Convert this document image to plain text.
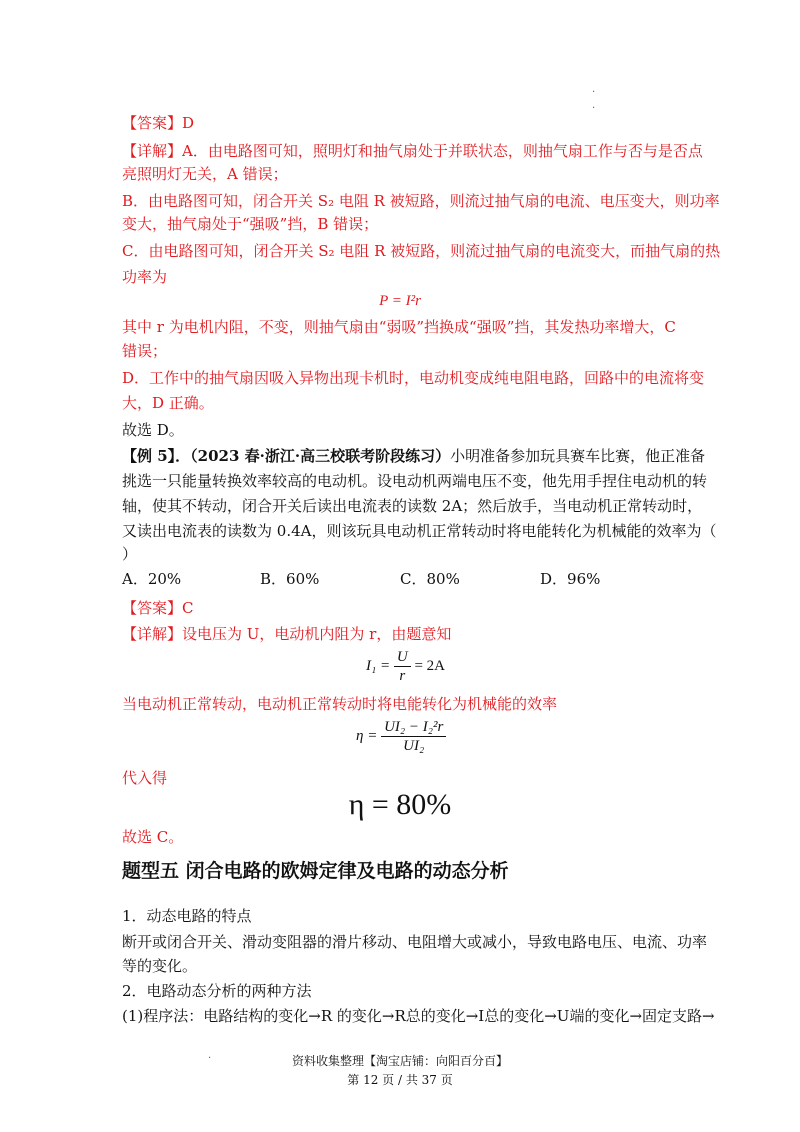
.
.
【答案】D
【详解】A．由电路图可知，照明灯和抽气扇处于并联状态，则抽气扇工作与否与是否点
亮照明灯无关，A 错误；
B．由电路图可知，闭合开关 S₂ 电阻 R 被短路，则流过抽气扇的电流、电压变大，则功率
变大，抽气扇处于“强吸”挡，B 错误；
C．由电路图可知，闭合开关 S₂ 电阻 R 被短路，则流过抽气扇的电流变大，而抽气扇的热
功率为
P = I²r
其中 r 为电机内阻，不变，则抽气扇由“弱吸”挡换成“强吸”挡，其发热功率增大，C
错误；
D．工作中的抽气扇因吸入异物出现卡机时，电动机变成纯电阻电路，回路中的电流将变
大，D 正确。
故选 D。
【例 5】．（2023 春·浙江·高三校联考阶段练习）小明准备参加玩具赛车比赛，他正准备
挑选一只能量转换效率较高的电动机。设电动机两端电压不变，他先用手捏住电动机的转
轴，使其不转动，闭合开关后读出电流表的读数 2A；然后放手，当电动机正常转动时，
又读出电流表的读数为 0.4A，则该玩具电动机正常转动时将电能转化为机械能的效率为（
）
A．20%	B．60%	C．80%	D．96%
【答案】C
【详解】设电压为 U，电动机内阻为 r，由题意知
$I_1 = \frac{U}{r} = 2A$
当电动机正常转动，电动机正常转动时将电能转化为机械能的效率
$\eta = \frac{\text{UI₂ − I₂²r}}{\text{UI₂}}$
代入得
η = 80%
故选 C。
题型五 闭合电路的欧姆定律及电路的动态分析
1．动态电路的特点
断开或闭合开关、滑动变阻器的滑片移动、电阻增大或减小，导致电路电压、电流、功率
等的变化。
2．电路动态分析的两种方法
(1)程序法：电路结构的变化→R 的变化→R总的变化→I总的变化→U端的变化→固定支路→
.	资料收集整理【淘宝店铺：向阳百分百】
第 12 页 / 共 37 页
